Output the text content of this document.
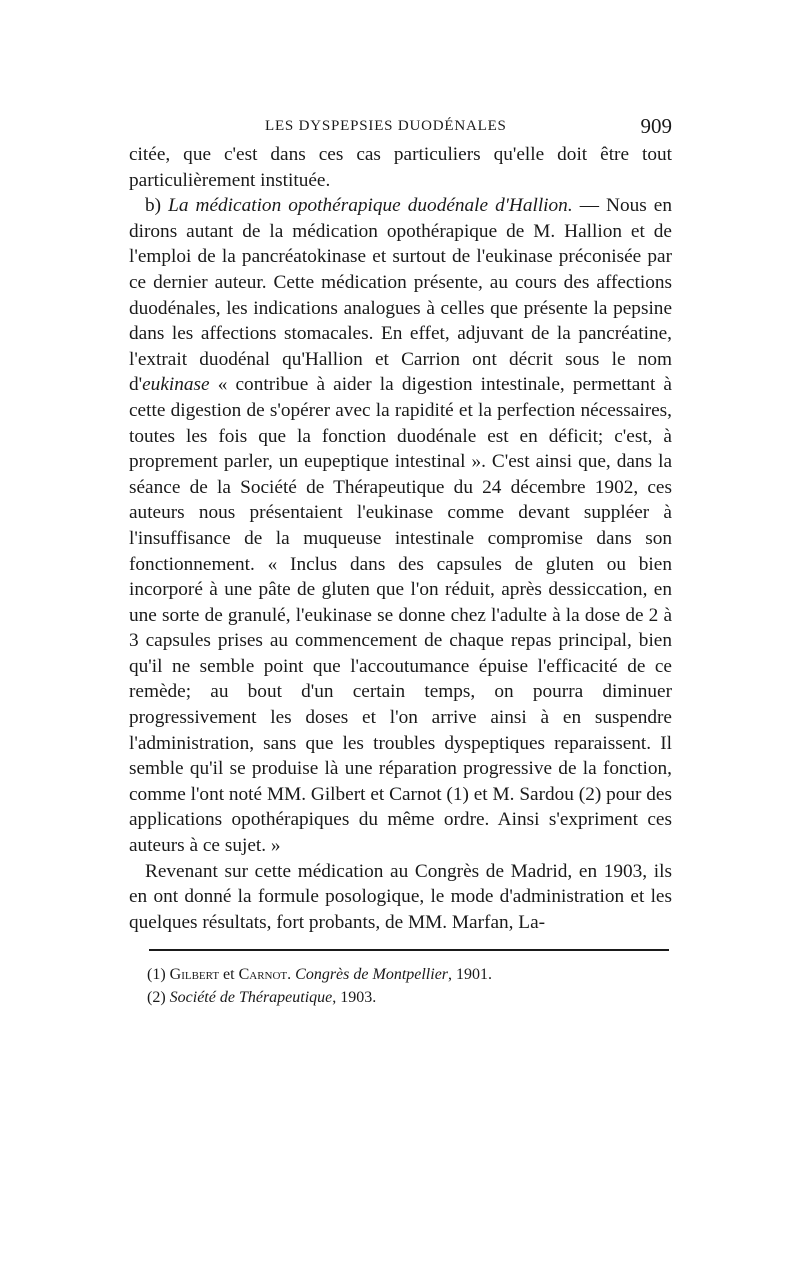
LES DYSPEPSIES DUODÉNALES	909

citée, que c'est dans ces cas particuliers qu'elle doit être tout particulièrement instituée.

b) La médication opothérapique duodénale d'Hallion. — Nous en dirons autant de la médication opothérapique de M. Hallion et de l'emploi de la pancréatokinase et surtout de l'eukinase préconisée par ce dernier auteur. Cette médication présente, au cours des affections duodénales, les indications analogues à celles que présente la pepsine dans les affections stomacales. En effet, adjuvant de la pancréatine, l'extrait duodénal qu'Hallion et Carrion ont décrit sous le nom d'eukinase « contribue à aider la digestion intestinale, permettant à cette digestion de s'opérer avec la rapidité et la perfection nécessaires, toutes les fois que la fonction duodénale est en déficit; c'est, à proprement parler, un eupeptique intestinal ». C'est ainsi que, dans la séance de la Société de Thérapeutique du 24 décembre 1902, ces auteurs nous présentaient l'eukinase comme devant suppléer à l'insuffisance de la muqueuse intestinale compromise dans son fonctionnement. « Inclus dans des capsules de gluten ou bien incorporé à une pâte de gluten que l'on réduit, après dessiccation, en une sorte de granulé, l'eukinase se donne chez l'adulte à la dose de 2 à 3 capsules prises au commencement de chaque repas principal, bien qu'il ne semble point que l'accoutumance épuise l'efficacité de ce remède; au bout d'un certain temps, on pourra diminuer progressivement les doses et l'on arrive ainsi à en suspendre l'administration, sans que les troubles dyspeptiques reparaissent. Il semble qu'il se produise là une réparation progressive de la fonction, comme l'ont noté MM. Gilbert et Carnot (1) et M. Sardou (2) pour des applications opothérapiques du même ordre. Ainsi s'expriment ces auteurs à ce sujet. »

Revenant sur cette médication au Congrès de Madrid, en 1903, ils en ont donné la formule posologique, le mode d'administration et les quelques résultats, fort probants, de MM. Marfan, La-

(1) Gilbert et Carnot. Congrès de Montpellier, 1901.

(2) Société de Thérapeutique, 1903.
